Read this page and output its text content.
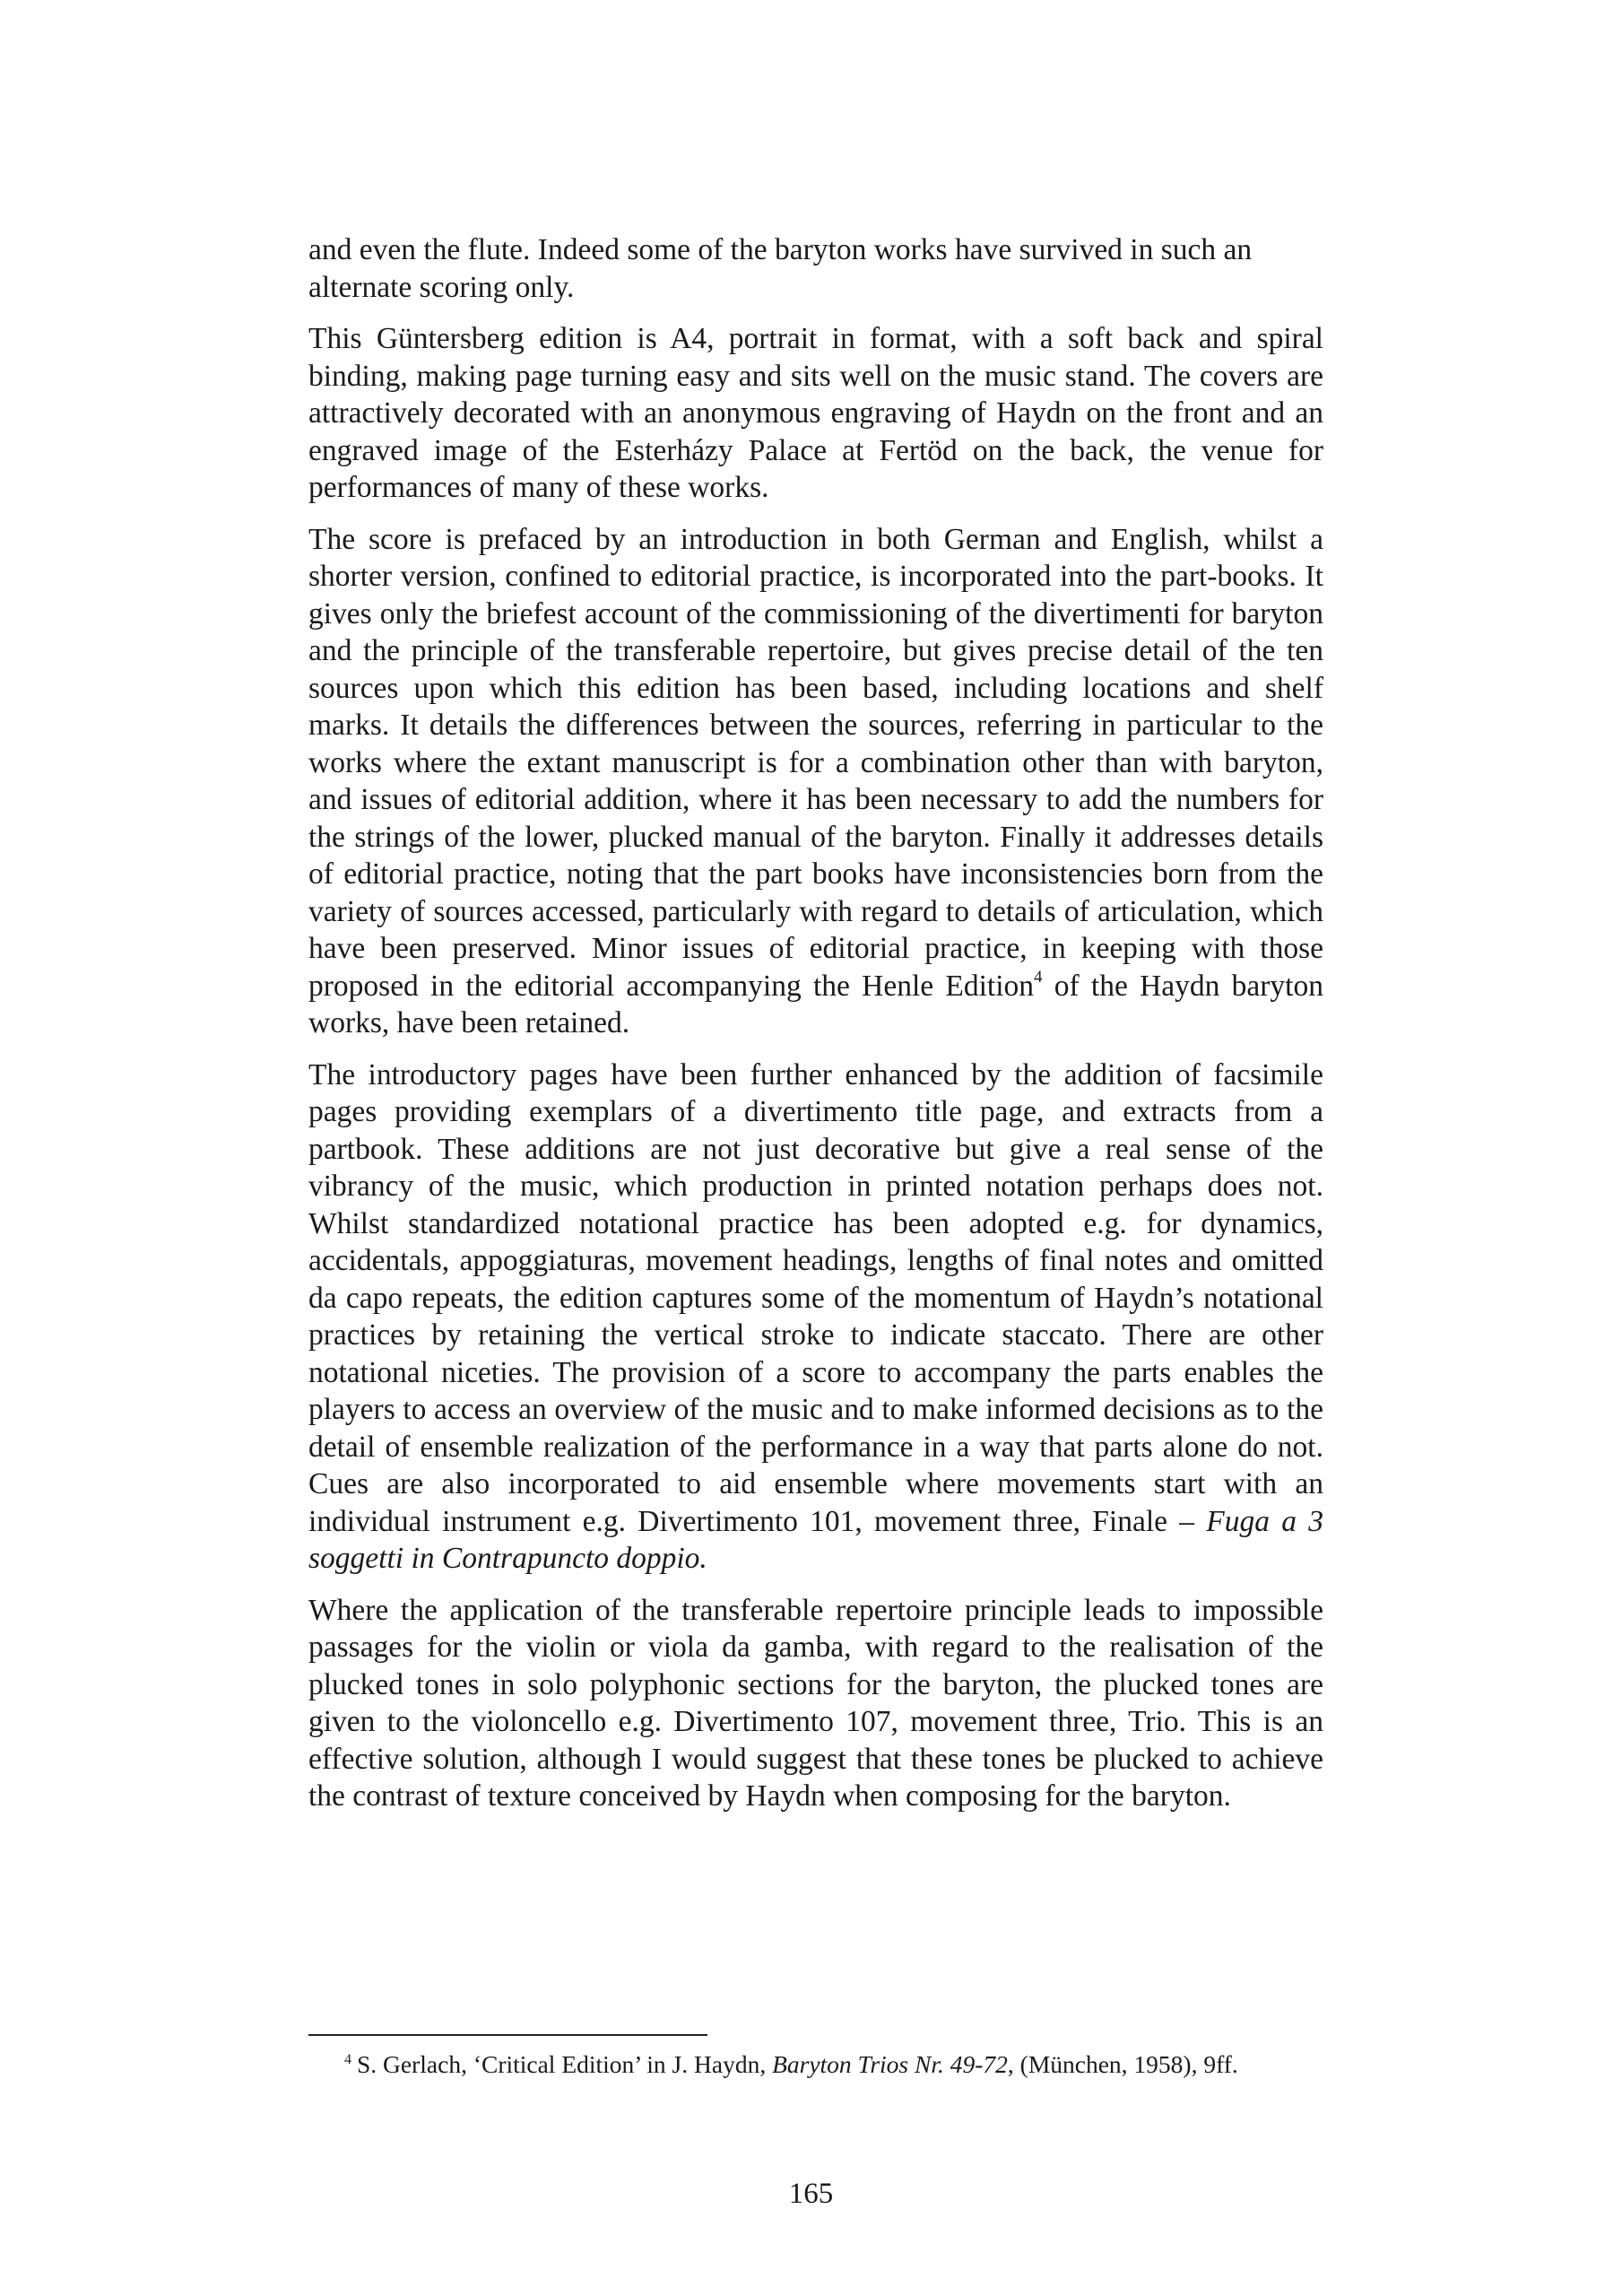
and even the flute. Indeed some of the baryton works have survived in such an alternate scoring only.

This Güntersberg edition is A4, portrait in format, with a soft back and spiral binding, making page turning easy and sits well on the music stand. The covers are attractively decorated with an anonymous engraving of Haydn on the front and an engraved image of the Esterházy Palace at Fertöd on the back, the venue for performances of many of these works.

The score is prefaced by an introduction in both German and English, whilst a shorter version, confined to editorial practice, is incorporated into the part-books. It gives only the briefest account of the commissioning of the divertimenti for baryton and the principle of the transferable repertoire, but gives precise detail of the ten sources upon which this edition has been based, including locations and shelf marks. It details the differences between the sources, referring in particular to the works where the extant manuscript is for a combination other than with baryton, and issues of editorial addition, where it has been necessary to add the numbers for the strings of the lower, plucked manual of the baryton. Finally it addresses details of editorial practice, noting that the part books have inconsistencies born from the variety of sources accessed, particularly with regard to details of articulation, which have been preserved. Minor issues of editorial practice, in keeping with those proposed in the editorial accompanying the Henle Edition$^4$ of the Haydn baryton works, have been retained.

The introductory pages have been further enhanced by the addition of facsimile pages providing exemplars of a divertimento title page, and extracts from a partbook. These additions are not just decorative but give a real sense of the vibrancy of the music, which production in printed notation perhaps does not. Whilst standardized notational practice has been adopted e.g. for dynamics, accidentals, appoggiaturas, movement headings, lengths of final notes and omitted da capo repeats, the edition captures some of the momentum of Haydn’s notational practices by retaining the vertical stroke to indicate staccato. There are other notational niceties. The provision of a score to accompany the parts enables the players to access an overview of the music and to make informed decisions as to the detail of ensemble realization of the performance in a way that parts alone do not. Cues are also incorporated to aid ensemble where movements start with an individual instrument e.g. Divertimento 101, movement three, Finale – Fuga a 3 soggetti in Contrapuncto doppio.

Where the application of the transferable repertoire principle leads to impossible passages for the violin or viola da gamba, with regard to the realisation of the plucked tones in solo polyphonic sections for the baryton, the plucked tones are given to the violoncello e.g. Divertimento 107, movement three, Trio. This is an effective solution, although I would suggest that these tones be plucked to achieve the contrast of texture conceived by Haydn when composing for the baryton.

$^4$ S. Gerlach, ‘Critical Edition’ in J. Haydn, Baryton Trios Nr. 49-72, (München, 1958), 9ff.
165
